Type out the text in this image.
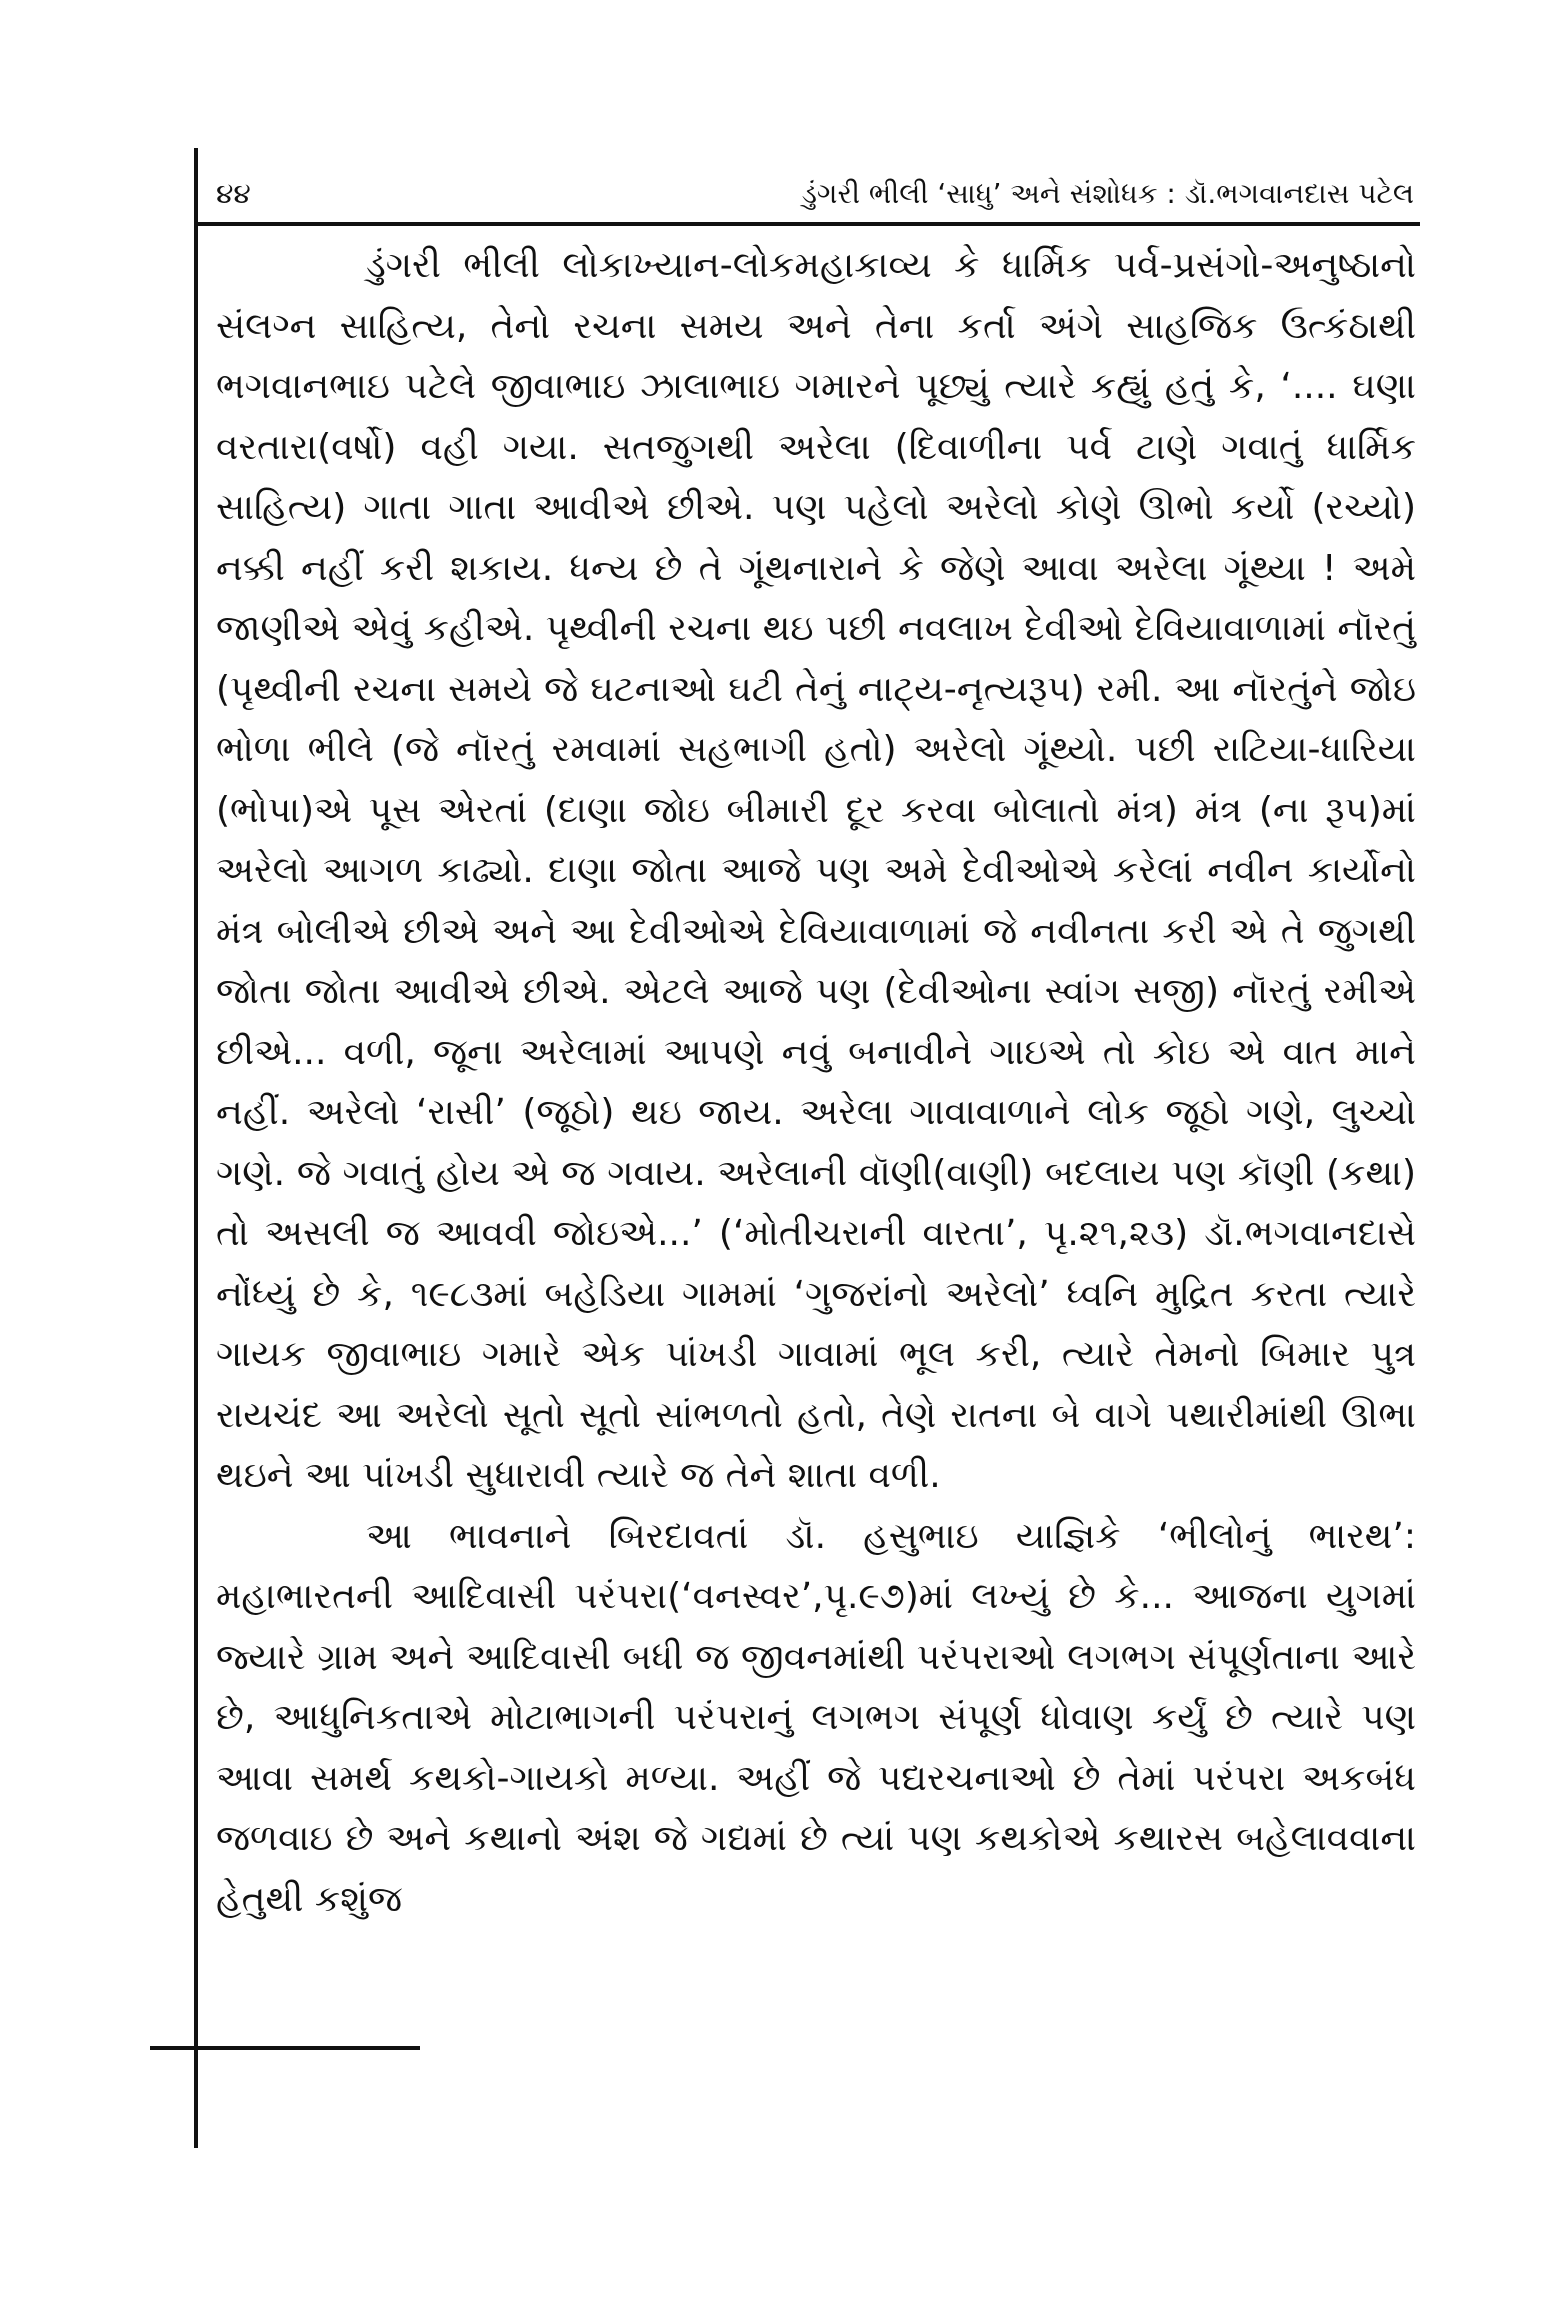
૪૪	ડુંગરી ભીલી ‘સાધુ’ અને સંશોધક : ડૉ.ભગવાનદાસ પટેલ

ડુંગરી ભીલી લોકાખ્યાન-લોકમહાકાવ્ય કે ધાર્મિક પર્વ-પ્રસંગો-અનુષ્ઠાનો સંલગ્ન સાહિત્ય, તેનો રચના સમય અને તેના કર્તા અંગે સાહજિક ઉત્કંઠાથી ભગવાનભાઇ પટેલે જીવાભાઇ ઝાલાભાઇ ગમારને પૂછ્યું ત્યારે કહ્યું હતું કે, ‘.... ઘણા વરતારા(વર્ષો) વહી ગયા. સતજુગથી અરેલા (દિવાળીના પર્વ ટાણે ગવાતું ધાર્મિક સાહિત્ય) ગાતા ગાતા આવીએ છીએ. પણ પહેલો અરેલો કોણે ઊભો કર્યો (રચ્યો) નક્કી નહીં કરી શકાય. ધન્ય છે તે ગૂંથનારાને કે જેણે આવા અરેલા ગૂંથ્યા ! અમે જાણીએ એવું કહીએ. પૃથ્વીની રચના થઇ પછી નવલાખ દેવીઓ દેવિયાવાળામાં નૉરતું (પૃથ્વીની રચના સમયે જે ઘટનાઓ ઘટી તેનું નાટ્ય-નૃત્યરૂપ) રમી. આ નૉરતુંને જોઇ ભોળા ભીલે (જે નૉરતું રમવામાં સહભાગી હતો) અરેલો ગૂંથ્યો. પછી રાટિયા-ધારિયા (ભોપા)એ પૂસ એરતાં (દાણા જોઇ બીમારી દૂર કરવા બોલાતો મંત્ર) મંત્ર (ના રૂપ)માં અરેલો આગળ કાઢ્યો. દાણા જોતા આજે પણ અમે દેવીઓએ કરેલાં નવીન કાર્યોનો મંત્ર બોલીએ છીએ અને આ દેવીઓએ દેવિયાવાળામાં જે નવીનતા કરી એ તે જુગથી જોતા જોતા આવીએ છીએ. એટલે આજે પણ (દેવીઓના સ્વાંગ સજી) નૉરતું રમીએ છીએ... વળી, જૂના અરેલામાં આપણે નવું બનાવીને ગાઇએ તો કોઇ એ વાત માને નહીં. અરેલો ‘રાસી’ (જૂઠો) થઇ જાય. અરેલા ગાવાવાળાને લોક જૂઠો ગણે, લુચ્ચો ગણે. જે ગવાતું હોય એ જ ગવાય. અરેલાની વૉણી(વાણી) બદલાય પણ કૉણી (કથા) તો અસલી જ આવવી જોઇએ...’ (‘મોતીચરાની વારતા’, પૃ.૨૧,૨૩) ડૉ.ભગવાનદાસે નોંધ્યું છે કે, ૧૯૮૩માં બહેડિયા ગામમાં ‘ગુજરાંનો અરેલો’ ધ્વનિ મુદ્રિત કરતા ત્યારે ગાયક જીવાભાઇ ગમારે એક પાંખડી ગાવામાં ભૂલ કરી, ત્યારે તેમનો બિમાર પુત્ર રાયચંદ આ અરેલો સૂતો સૂતો સાંભળતો હતો, તેણે રાતના બે વાગે પથારીમાંથી ઊભા થઇને આ પાંખડી સુધારાવી ત્યારે જ તેને શાતા વળી.

આ ભાવનાને બિરદાવતાં ડૉ. હસુભાઇ યાજ્ઞિકે ‘ભીલોનું ભારથ’: મહાભારતની આદિવાસી પરંપરા(‘વનસ્વર’,પૃ.૯૭)માં લખ્યું છે કે... આજના યુગમાં જ્યારે ગ્રામ અને આદિવાસી બધી જ જીવનમાંથી પરંપરાઓ લગભગ સંપૂર્ણતાના આરે છે, આધુનિકતાએ મોટાભાગની પરંપરાનું લગભગ સંપૂર્ણ ધોવાણ કર્યું છે ત્યારે પણ આવા સમર્થ કથકો-ગાયકો મળ્યા. અહીં જે પદ્યરચનાઓ છે તેમાં પરંપરા અકબંધ જળવાઇ છે અને કથાનો અંશ જે ગદ્યમાં છે ત્યાં પણ કથકોએ કથારસ બહેલાવવાના હેતુથી કશુંજ
